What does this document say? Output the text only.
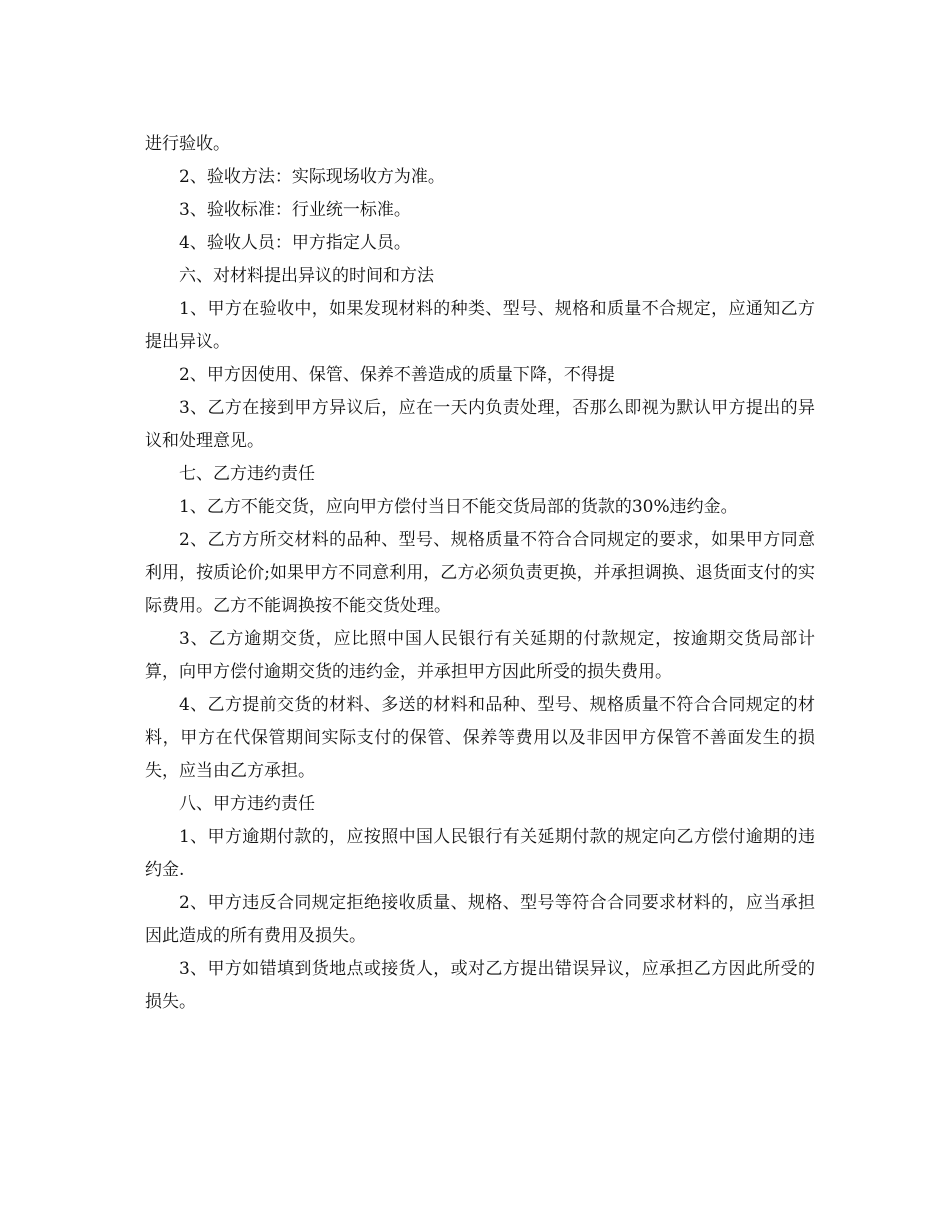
进行验收。

2、验收方法：实际现场收方为准。

3、验收标准：行业统一标准。

4、验收人员：甲方指定人员。

六、对材料提出异议的时间和方法

1、甲方在验收中，如果发现材料的种类、型号、规格和质量不合规定，应通知乙方提出异议。

2、甲方因使用、保管、保养不善造成的质量下降，不得提

3、乙方在接到甲方异议后，应在一天内负责处理，否那么即视为默认甲方提出的异议和处理意见。

七、乙方违约责任

1、乙方不能交货，应向甲方偿付当日不能交货局部的货款的30%违约金。

2、乙方方所交材料的品种、型号、规格质量不符合合同规定的要求，如果甲方同意利用，按质论价;如果甲方不同意利用，乙方必须负责更换，并承担调换、退货面支付的实际费用。乙方不能调换按不能交货处理。

3、乙方逾期交货，应比照中国人民银行有关延期的付款规定，按逾期交货局部计算，向甲方偿付逾期交货的违约金，并承担甲方因此所受的损失费用。

4、乙方提前交货的材料、多送的材料和品种、型号、规格质量不符合合同规定的材料，甲方在代保管期间实际支付的保管、保养等费用以及非因甲方保管不善面发生的损失，应当由乙方承担。

八、甲方违约责任

1、甲方逾期付款的，应按照中国人民银行有关延期付款的规定向乙方偿付逾期的违约金.

2、甲方违反合同规定拒绝接收质量、规格、型号等符合合同要求材料的，应当承担因此造成的所有费用及损失。

3、甲方如错填到货地点或接货人，或对乙方提出错误异议，应承担乙方因此所受的损失。
